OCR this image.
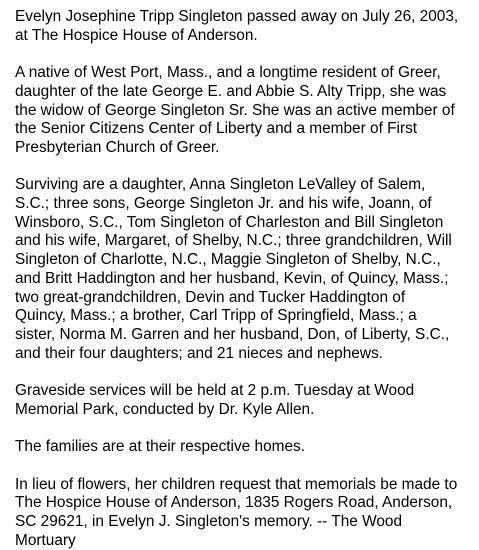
Evelyn Josephine Tripp Singleton passed away on July 26, 2003,
at The Hospice House of Anderson.

A native of West Port, Mass., and a longtime resident of Greer,
daughter of the late George E. and Abbie S. Alty Tripp, she was
the widow of George Singleton Sr. She was an active member of
the Senior Citizens Center of Liberty and a member of First
Presbyterian Church of Greer.

Surviving are a daughter, Anna Singleton LeValley of Salem,
S.C.; three sons, George Singleton Jr. and his wife, Joann, of
Winsboro, S.C., Tom Singleton of Charleston and Bill Singleton
and his wife, Margaret, of Shelby, N.C.; three grandchildren, Will
Singleton of Charlotte, N.C., Maggie Singleton of Shelby, N.C.,
and Britt Haddington and her husband, Kevin, of Quincy, Mass.;
two great-grandchildren, Devin and Tucker Haddington of
Quincy, Mass.; a brother, Carl Tripp of Springfield, Mass.; a
sister, Norma M. Garren and her husband, Don, of Liberty, S.C.,
and their four daughters; and 21 nieces and nephews.

Graveside services will be held at 2 p.m. Tuesday at Wood
Memorial Park, conducted by Dr. Kyle Allen.

The families are at their respective homes.

In lieu of flowers, her children request that memorials be made to
The Hospice House of Anderson, 1835 Rogers Road, Anderson,
SC 29621, in Evelyn J. Singleton's memory. -- The Wood
Mortuary
